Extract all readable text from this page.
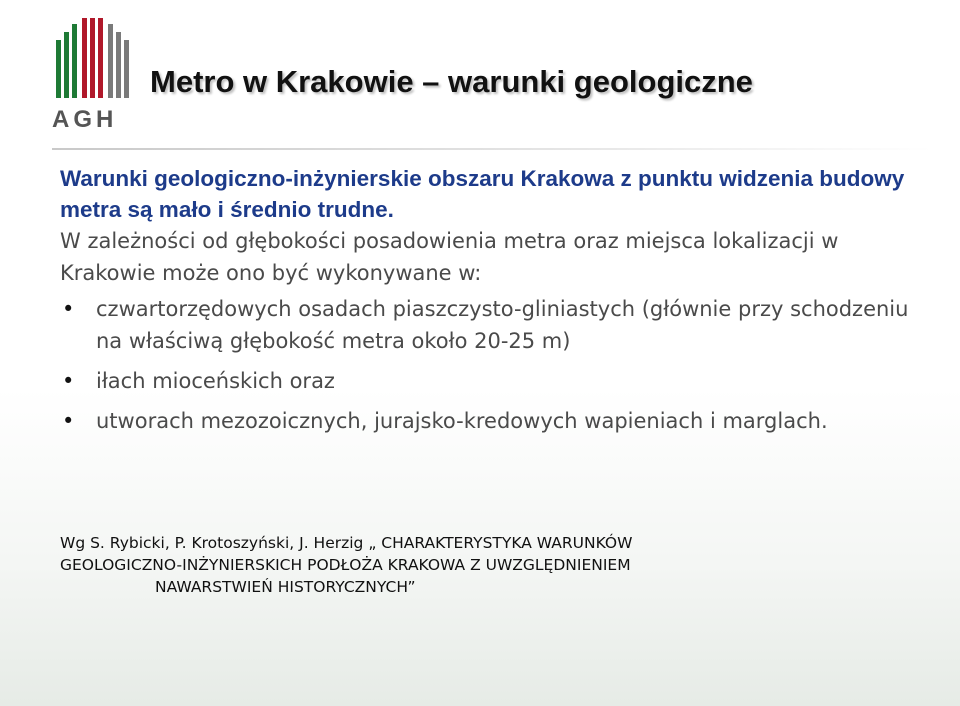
AGH
Metro w Krakowie – warunki geologiczne

Warunki geologiczno-inżynierskie obszaru Krakowa z punktu widzenia budowy metra są mało i średnio trudne.

W zależności od głębokości posadowienia metra oraz miejsca lokalizacji w Krakowie może ono być wykonywane w:

• czwartorzędowych osadach piaszczysto-gliniastych (głównie przy schodzeniu na właściwą głębokość metra około 20-25 m)
• iłach mioceńskich oraz
• utworach mezozoicznych, jurajsko-kredowych wapieniach i marglach.
Wg S. Rybicki, P. Krotoszyński, J. Herzig „ CHARAKTERYSTYKA WARUNKÓW
GEOLOGICZNO-INŻYNIERSKICH PODŁOŻA KRAKOWA Z UWZGLĘDNIENIEM
NAWARSTWIEŃ HISTORYCZNYCH”
